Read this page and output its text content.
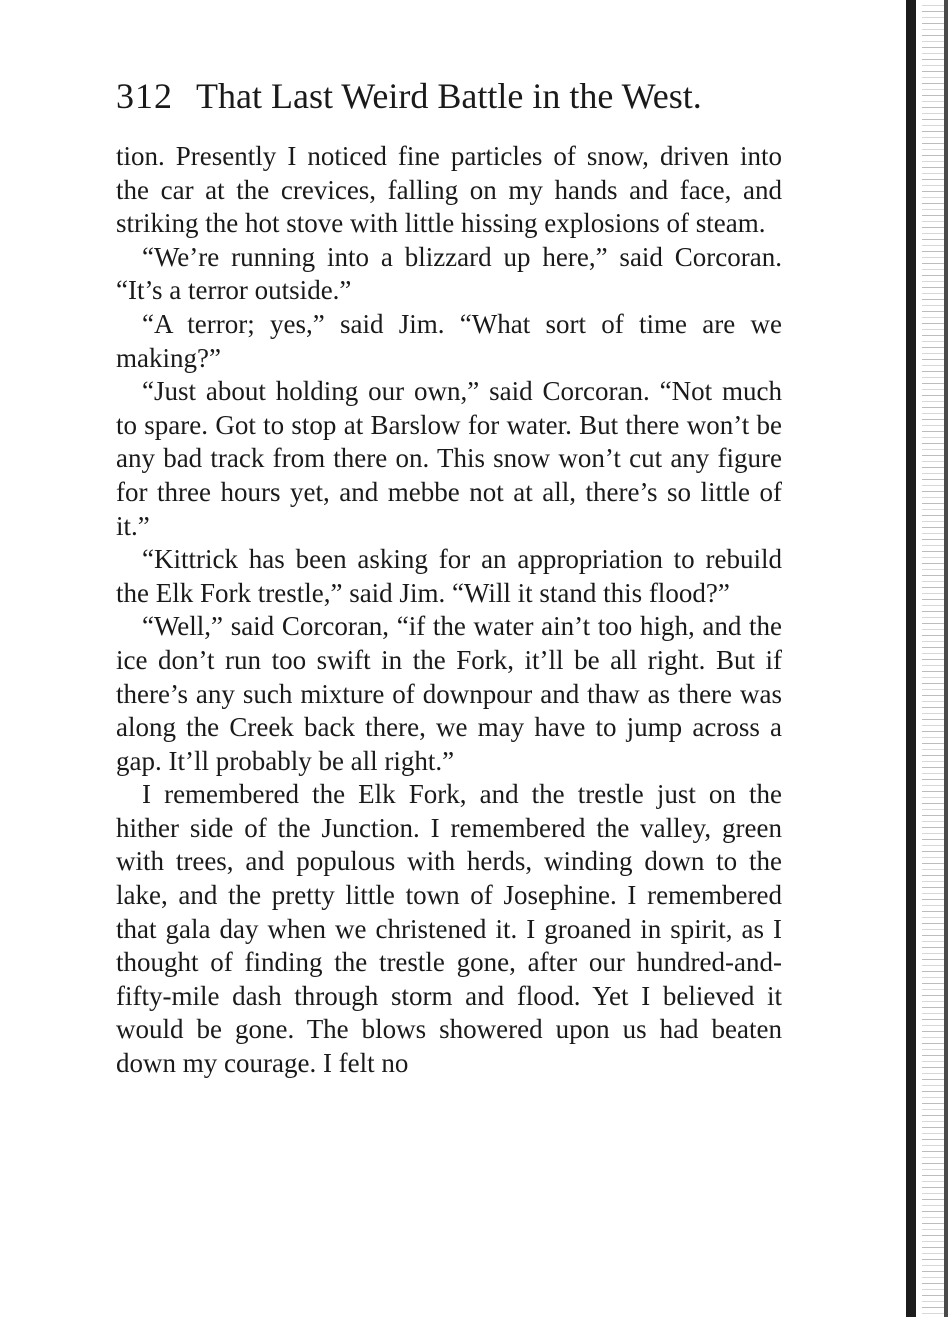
312 That Last Weird Battle in the West.

tion. Presently I noticed fine particles of snow, driven into the car at the crevices, falling on my hands and face, and striking the hot stove with little hissing explosions of steam.

“We’re running into a blizzard up here,” said Corcoran. “It’s a terror outside.”

“A terror; yes,” said Jim. “What sort of time are we making?”

“Just about holding our own,” said Corcoran. “Not much to spare. Got to stop at Barslow for water. But there won’t be any bad track from there on. This snow won’t cut any figure for three hours yet, and mebbe not at all, there’s so little of it.”

“Kittrick has been asking for an appropriation to rebuild the Elk Fork trestle,” said Jim. “Will it stand this flood?”

“Well,” said Corcoran, “if the water ain’t too high, and the ice don’t run too swift in the Fork, it’ll be all right. But if there’s any such mixture of downpour and thaw as there was along the Creek back there, we may have to jump across a gap. It’ll probably be all right.”

I remembered the Elk Fork, and the trestle just on the hither side of the Junction. I remembered the valley, green with trees, and populous with herds, winding down to the lake, and the pretty little town of Josephine. I remembered that gala day when we christened it. I groaned in spirit, as I thought of finding the trestle gone, after our hundred-and-fifty-mile dash through storm and flood. Yet I believed it would be gone. The blows showered upon us had beaten down my courage. I felt no
